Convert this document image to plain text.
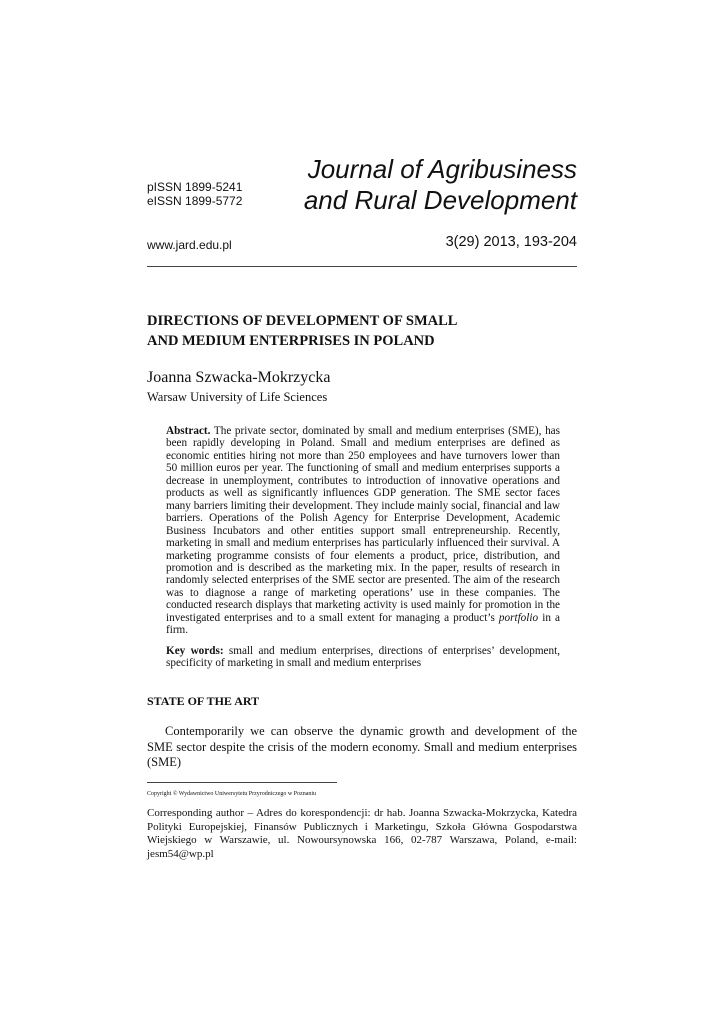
pISSN 1899-5241
eISSN 1899-5772
Journal of Agribusiness
and Rural Development
www.jard.edu.pl	3(29) 2013, 193-204
DIRECTIONS OF DEVELOPMENT OF SMALL
AND MEDIUM ENTERPRISES IN POLAND
Joanna Szwacka-Mokrzycka
Warsaw University of Life Sciences

Abstract. The private sector, dominated by small and medium enterprises (SME), has been rapidly developing in Poland. Small and medium enterprises are defined as economic entities hiring not more than 250 employees and have turnovers lower than 50 million euros per year. The functioning of small and medium enterprises supports a decrease in unemployment, contributes to introduction of innovative operations and products as well as significantly influences GDP generation. The SME sector faces many barriers limiting their development. They include mainly social, financial and law barriers. Operations of the Polish Agency for Enterprise Development, Academic Business Incubators and other entities support small entrepreneurship. Recently, marketing in small and medium enterprises has particularly influenced their survival. A marketing programme consists of four elements a product, price, distribution, and promotion and is described as the marketing mix. In the paper, results of research in randomly selected enterprises of the SME sector are presented. The aim of the research was to diagnose a range of marketing operations’ use in these companies. The conducted research displays that marketing activity is used mainly for promotion in the investigated enterprises and to a small extent for managing a product’s portfolio in a firm.

Key words: small and medium enterprises, directions of enterprises’ development, specificity of marketing in small and medium enterprises

STATE OF THE ART
Contemporarily we can observe the dynamic growth and development of the SME sector despite the crisis of the modern economy. Small and medium enterprises (SME)
Copyright © Wydawnictwo Uniwersytetu Przyrodniczego w Poznaniu
Corresponding author – Adres do korespondencji: dr hab. Joanna Szwacka-Mokrzycka, Katedra Polityki Europejskiej, Finansów Publicznych i Marketingu, Szkoła Główna Gospodarstwa Wiejskiego w Warszawie, ul. Nowoursynowska 166, 02-787 Warszawa, Poland, e-mail: jesm54@wp.pl
